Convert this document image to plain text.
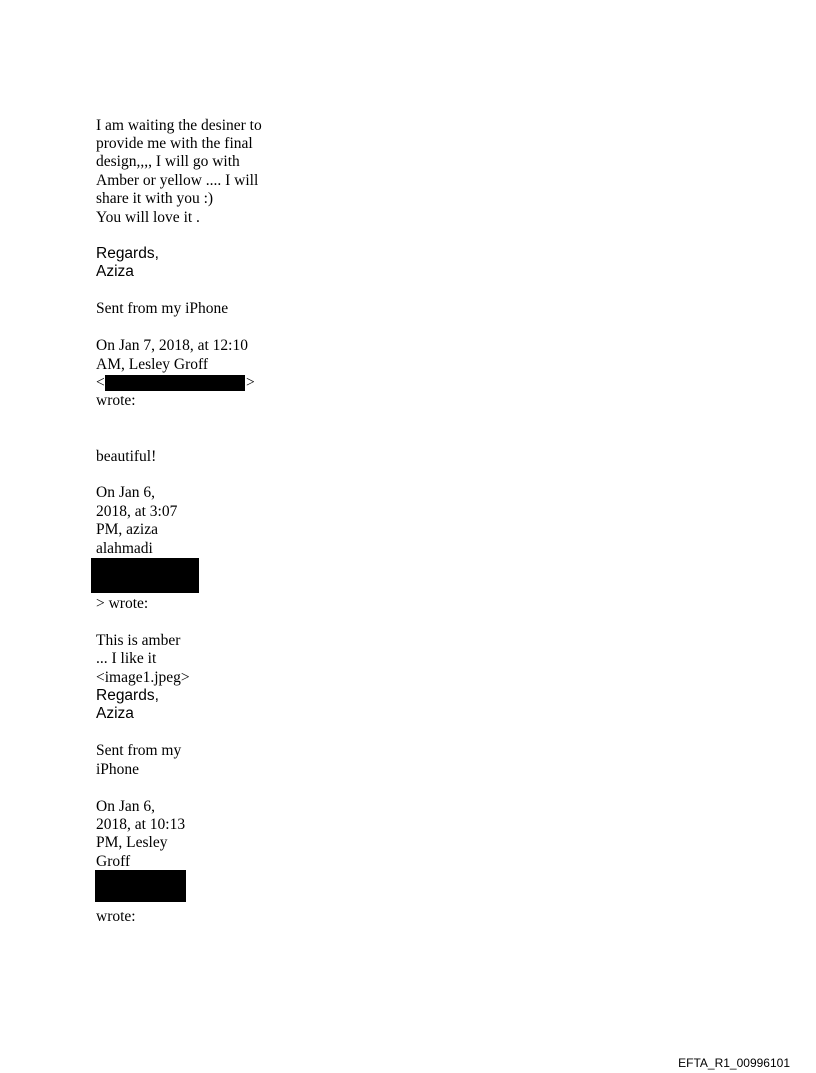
I am waiting the desiner to
provide me with the final
design,,,, I will go with
Amber or yellow .... I will
share it with you :)
You will love it .
Regards,
Aziza
Sent from my iPhone
On Jan 7, 2018, at 12:10
AM, Lesley Groff
<	>
wrote:
beautiful!
On Jan 6,
2018, at 3:07
PM, aziza
alahmadi
> wrote:
This is amber
... I like it
<image1.jpeg>
Regards,
Aziza
Sent from my
iPhone
On Jan 6,
2018, at 10:13
PM, Lesley
Groff
wrote:
EFTA_R1_00996101
